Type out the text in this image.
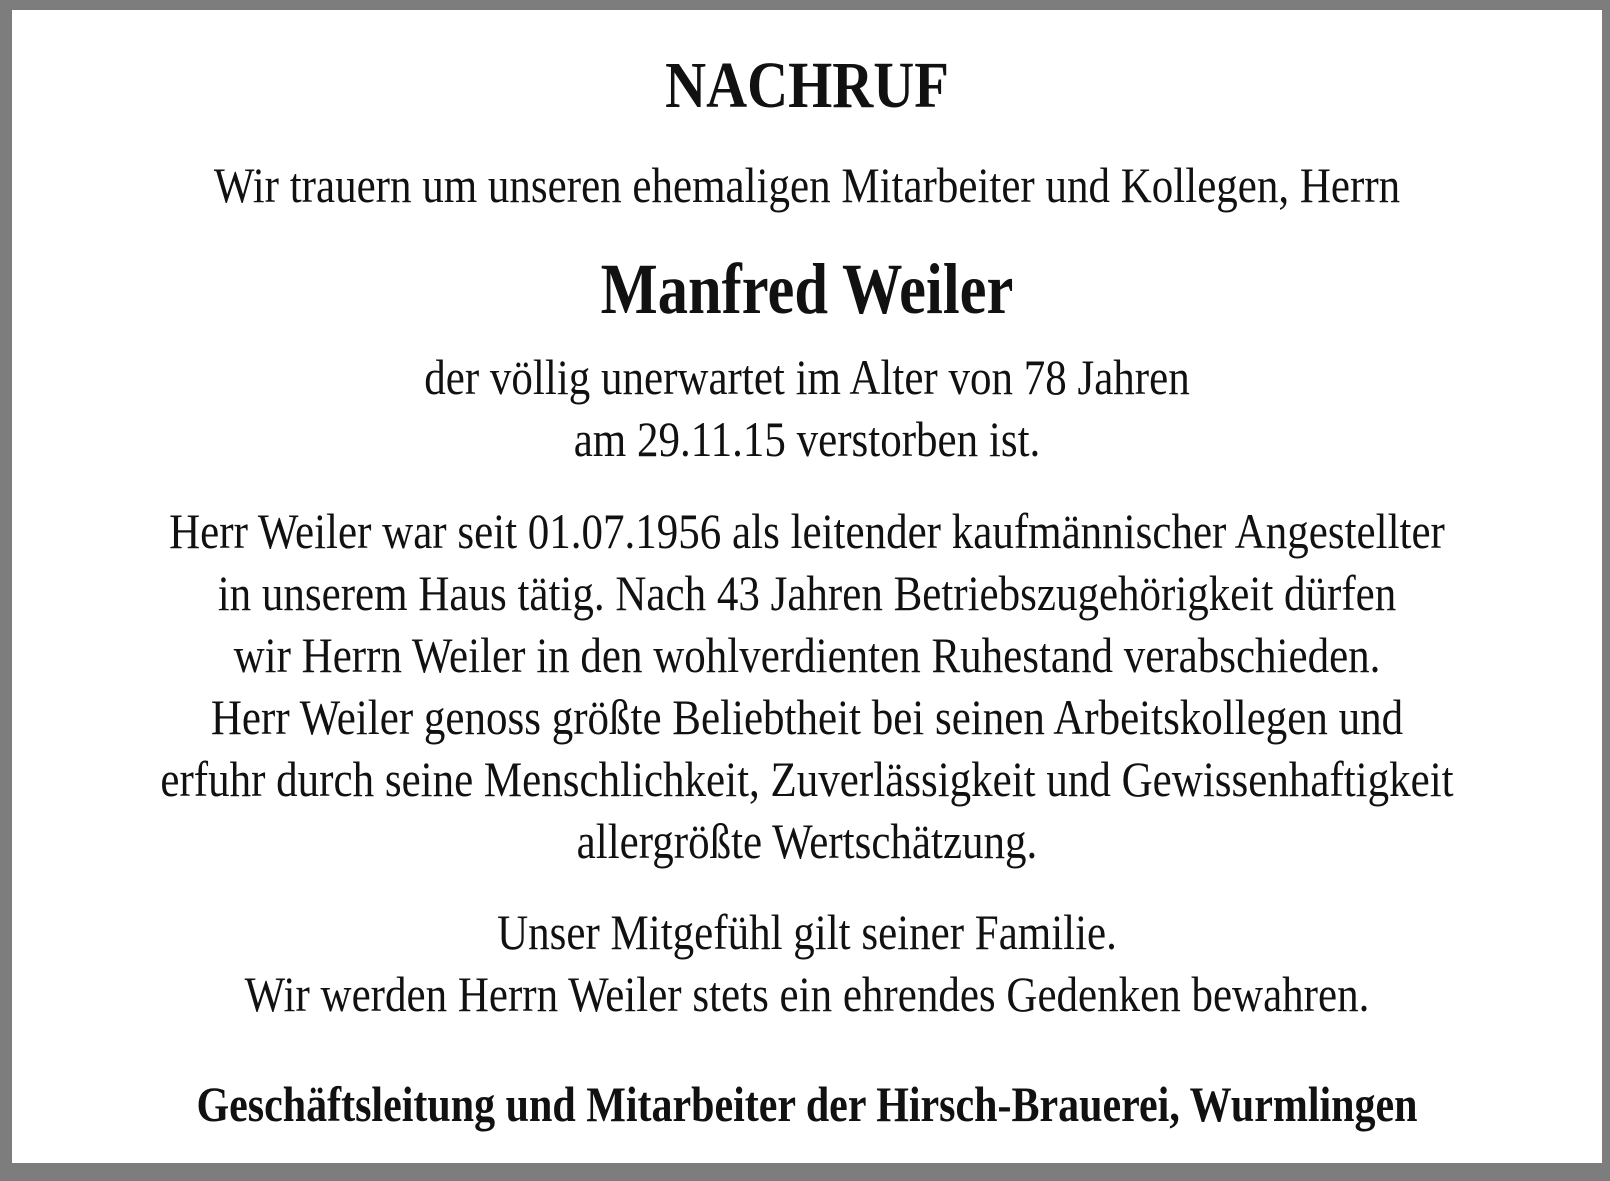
NACHRUF
Wir trauern um unseren ehemaligen Mitarbeiter und Kollegen, Herrn
Manfred Weiler
der völlig unerwartet im Alter von 78 Jahren
am 29.11.15 verstorben ist.
Herr Weiler war seit 01.07.1956 als leitender kaufmännischer Angestellter
in unserem Haus tätig. Nach 43 Jahren Betriebszugehörigkeit dürfen
wir Herrn Weiler in den wohlverdienten Ruhestand verabschieden.
Herr Weiler genoss größte Beliebtheit bei seinen Arbeitskollegen und
erfuhr durch seine Menschlichkeit, Zuverlässigkeit und Gewissenhaftigkeit
allergrößte Wertschätzung.
Unser Mitgefühl gilt seiner Familie.
Wir werden Herrn Weiler stets ein ehrendes Gedenken bewahren.
Geschäftsleitung und Mitarbeiter der Hirsch-Brauerei, Wurmlingen
